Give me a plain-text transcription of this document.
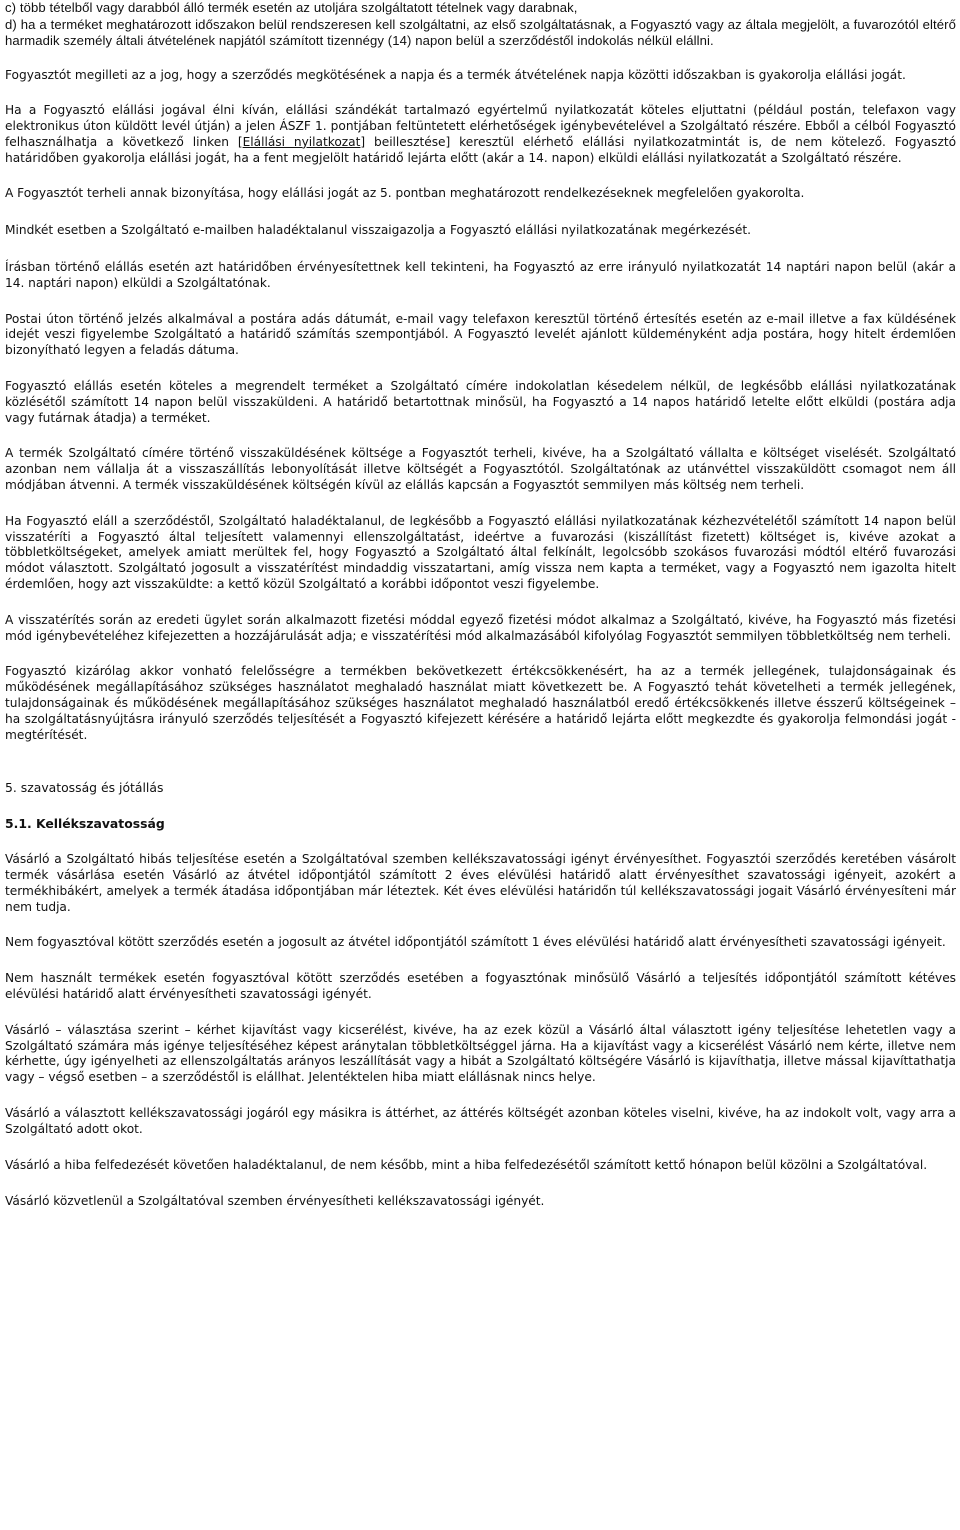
c) több tételből vagy darabból álló termék esetén az utoljára szolgáltatott tételnek vagy darabnak,

d) ha a terméket meghatározott időszakon belül rendszeresen kell szolgáltatni, az első szolgáltatásnak, a Fogyasztó vagy az általa megjelölt, a fuvarozótól eltérő harmadik személy általi átvételének napjától számított tizennégy (14) napon belül a szerződéstől indokolás nélkül elállni.

Fogyasztót megilleti az a jog, hogy a szerződés megkötésének a napja és a termék átvételének napja közötti időszakban is gyakorolja elállási jogát.

Ha a Fogyasztó elállási jogával élni kíván, elállási szándékát tartalmazó egyértelmű nyilatkozatát köteles eljuttatni (például postán, telefaxon vagy elektronikus úton küldött levél útján) a jelen ÁSZF 1. pontjában feltüntetett elérhetőségek igénybevételével a Szolgáltató részére. Ebből a célból Fogyasztó felhasználhatja a következő linken [Elállási nyilatkozat] beillesztése] keresztül elérhető elállási nyilatkozatmintát is, de nem kötelező. Fogyasztó határidőben gyakorolja elállási jogát, ha a fent megjelölt határidő lejárta előtt (akár a 14. napon) elküldi elállási nyilatkozatát a Szolgáltató részére.

A Fogyasztót terheli annak bizonyítása, hogy elállási jogát az 5. pontban meghatározott rendelkezéseknek megfelelően gyakorolta.

Mindkét esetben a Szolgáltató e-mailben haladéktalanul visszaigazolja a Fogyasztó elállási nyilatkozatának megérkezését.

Írásban történő elállás esetén azt határidőben érvényesítettnek kell tekinteni, ha Fogyasztó az erre irányuló nyilatkozatát 14 naptári napon belül (akár a 14. naptári napon) elküldi a Szolgáltatónak.

Postai úton történő jelzés alkalmával a postára adás dátumát, e-mail vagy telefaxon keresztül történő értesítés esetén az e-mail illetve a fax küldésének idejét veszi figyelembe Szolgáltató a határidő számítás szempontjából. A Fogyasztó levelét ajánlott küldeményként adja postára, hogy hitelt érdemlően bizonyítható legyen a feladás dátuma.

Fogyasztó elállás esetén köteles a megrendelt terméket a Szolgáltató címére indokolatlan késedelem nélkül, de legkésőbb elállási nyilatkozatának közlésétől számított 14 napon belül visszaküldeni. A határidő betartottnak minősül, ha Fogyasztó a 14 napos határidő letelte előtt elküldi (postára adja vagy futárnak átadja) a terméket.

A termék Szolgáltató címére történő visszaküldésének költsége a Fogyasztót terheli, kivéve, ha a Szolgáltató vállalta e költséget viselését. Szolgáltató azonban nem vállalja át a visszaszállítás lebonyolítását illetve költségét a Fogyasztótól. Szolgáltatónak az utánvéttel visszaküldött csomagot nem áll módjában átvenni. A termék visszaküldésének költségén kívül az elállás kapcsán a Fogyasztót semmilyen más költség nem terheli.

Ha Fogyasztó eláll a szerződéstől, Szolgáltató haladéktalanul, de legkésőbb a Fogyasztó elállási nyilatkozatának kézhezvételétől számított 14 napon belül visszatéríti a Fogyasztó által teljesített valamennyi ellenszolgáltatást, ideértve a fuvarozási (kiszállítást fizetett) költséget is, kivéve azokat a többletköltségeket, amelyek amiatt merültek fel, hogy Fogyasztó a Szolgáltató által felkínált, legolcsóbb szokásos fuvarozási módtól eltérő fuvarozási módot választott. Szolgáltató jogosult a visszatérítést mindaddig visszatartani, amíg vissza nem kapta a terméket, vagy a Fogyasztó nem igazolta hitelt érdemlően, hogy azt visszaküldte: a kettő közül Szolgáltató a korábbi időpontot veszi figyelembe.

A visszatérítés során az eredeti ügylet során alkalmazott fizetési móddal egyező fizetési módot alkalmaz a Szolgáltató, kivéve, ha Fogyasztó más fizetési mód igénybevételéhez kifejezetten a hozzájárulását adja; e visszatérítési mód alkalmazásából kifolyólag Fogyasztót semmilyen többletköltség nem terheli.

Fogyasztó kizárólag akkor vonható felelősségre a termékben bekövetkezett értékcsökkenésért, ha az a termék jellegének, tulajdonságainak és működésének megállapításához szükséges használatot meghaladó használat miatt következett be. A Fogyasztó tehát követelheti a termék jellegének, tulajdonságainak és működésének megállapításához szükséges használatot meghaladó használatból eredő értékcsökkenés illetve ésszerű költségeinek – ha szolgáltatásnyújtásra irányuló szerződés teljesítését a Fogyasztó kifejezett kérésére a határidő lejárta előtt megkezdte és gyakorolja felmondási jogát - megtérítését.

5. szavatosság és jótállás

5.1. Kellékszavatosság

Vásárló a Szolgáltató hibás teljesítése esetén a Szolgáltatóval szemben kellékszavatossági igényt érvényesíthet. Fogyasztói szerződés keretében vásárolt termék vásárlása esetén Vásárló az átvétel időpontjától számított 2 éves elévülési határidő alatt érvényesíthet szavatossági igényeit, azokért a termékhibákért, amelyek a termék átadása időpontjában már léteztek. Két éves elévülési határidőn túl kellékszavatossági jogait Vásárló érvényesíteni már nem tudja.

Nem fogyasztóval kötött szerződés esetén a jogosult az átvétel időpontjától számított 1 éves elévülési határidő alatt érvényesítheti szavatossági igényeit.

Nem használt termékek esetén fogyasztóval kötött szerződés esetében a fogyasztónak minősülő Vásárló a teljesítés időpontjától számított kétéves elévülési határidő alatt érvényesítheti szavatossági igényét.

Vásárló – választása szerint – kérhet kijavítást vagy kicserélést, kivéve, ha az ezek közül a Vásárló által választott igény teljesítése lehetetlen vagy a Szolgáltató számára más igénye teljesítéséhez képest aránytalan többletköltséggel járna. Ha a kijavítást vagy a kicserélést Vásárló nem kérte, illetve nem kérhette, úgy igényelheti az ellenszolgáltatás arányos leszállítását vagy a hibát a Szolgáltató költségére Vásárló is kijavíthatja, illetve mással kijavíttathatja vagy – végső esetben – a szerződéstől is elállhat. Jelentéktelen hiba miatt elállásnak nincs helye.

Vásárló a választott kellékszavatossági jogáról egy másikra is áttérhet, az áttérés költségét azonban köteles viselni, kivéve, ha az indokolt volt, vagy arra a Szolgáltató adott okot.

Vásárló a hiba felfedezését követően haladéktalanul, de nem később, mint a hiba felfedezésétől számított kettő hónapon belül közölni a Szolgáltatóval.

Vásárló közvetlenül a Szolgáltatóval szemben érvényesítheti kellékszavatossági igényét.
